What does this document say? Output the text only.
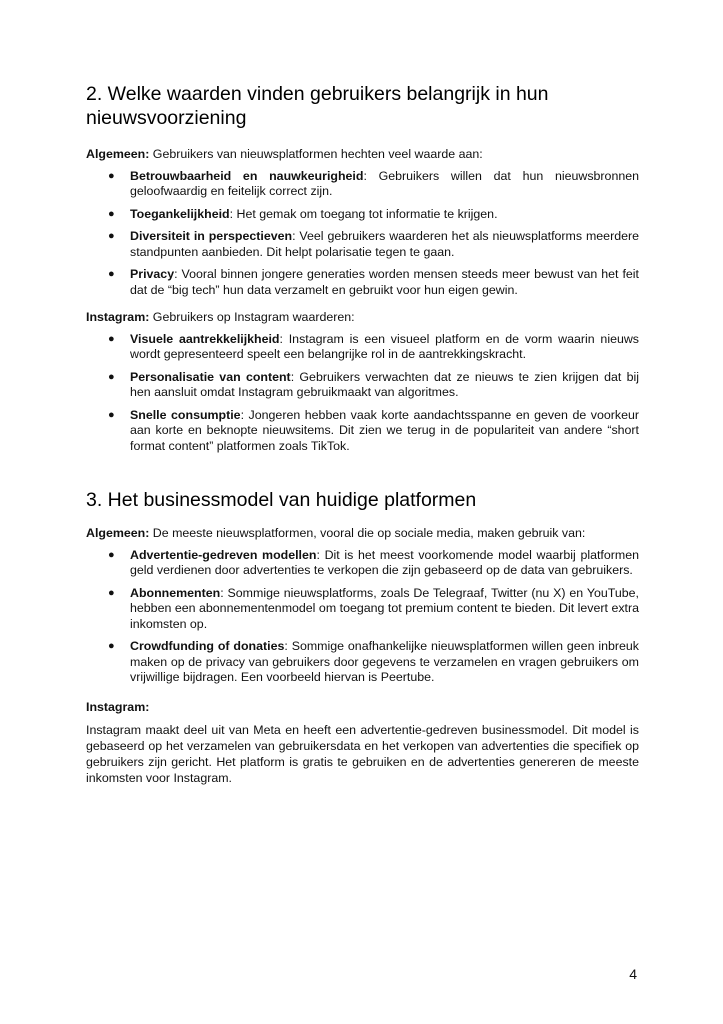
2. Welke waarden vinden gebruikers belangrijk in hun nieuwsvoorziening

Algemeen: Gebruikers van nieuwsplatformen hechten veel waarde aan:

● Betrouwbaarheid en nauwkeurigheid: Gebruikers willen dat hun nieuwsbronnen geloofwaardig en feitelijk correct zijn.
● Toegankelijkheid: Het gemak om toegang tot informatie te krijgen.
● Diversiteit in perspectieven: Veel gebruikers waarderen het als nieuwsplatforms meerdere standpunten aanbieden. Dit helpt polarisatie tegen te gaan.
● Privacy: Vooral binnen jongere generaties worden mensen steeds meer bewust van het feit dat de “big tech” hun data verzamelt en gebruikt voor hun eigen gewin.

Instagram: Gebruikers op Instagram waarderen:

● Visuele aantrekkelijkheid: Instagram is een visueel platform en de vorm waarin nieuws wordt gepresenteerd speelt een belangrijke rol in de aantrekkingskracht.
● Personalisatie van content: Gebruikers verwachten dat ze nieuws te zien krijgen dat bij hen aansluit omdat Instagram gebruikmaakt van algoritmes.
● Snelle consumptie: Jongeren hebben vaak korte aandachtsspanne en geven de voorkeur aan korte en beknopte nieuwsitems. Dit zien we terug in de populariteit van andere “short format content” platformen zoals TikTok.
3. Het businessmodel van huidige platformen

Algemeen: De meeste nieuwsplatformen, vooral die op sociale media, maken gebruik van:

● Advertentie-gedreven modellen: Dit is het meest voorkomende model waarbij platformen geld verdienen door advertenties te verkopen die zijn gebaseerd op de data van gebruikers.
● Abonnementen: Sommige nieuwsplatforms, zoals De Telegraaf, Twitter (nu X) en YouTube, hebben een abonnementenmodel om toegang tot premium content te bieden. Dit levert extra inkomsten op.
● Crowdfunding of donaties: Sommige onafhankelijke nieuwsplatformen willen geen inbreuk maken op de privacy van gebruikers door gegevens te verzamelen en vragen gebruikers om vrijwillige bijdragen. Een voorbeeld hiervan is Peertube.
Instagram:

Instagram maakt deel uit van Meta en heeft een advertentie-gedreven businessmodel. Dit model is gebaseerd op het verzamelen van gebruikersdata en het verkopen van advertenties die specifiek op gebruikers zijn gericht. Het platform is gratis te gebruiken en de advertenties genereren de meeste inkomsten voor Instagram.

4
